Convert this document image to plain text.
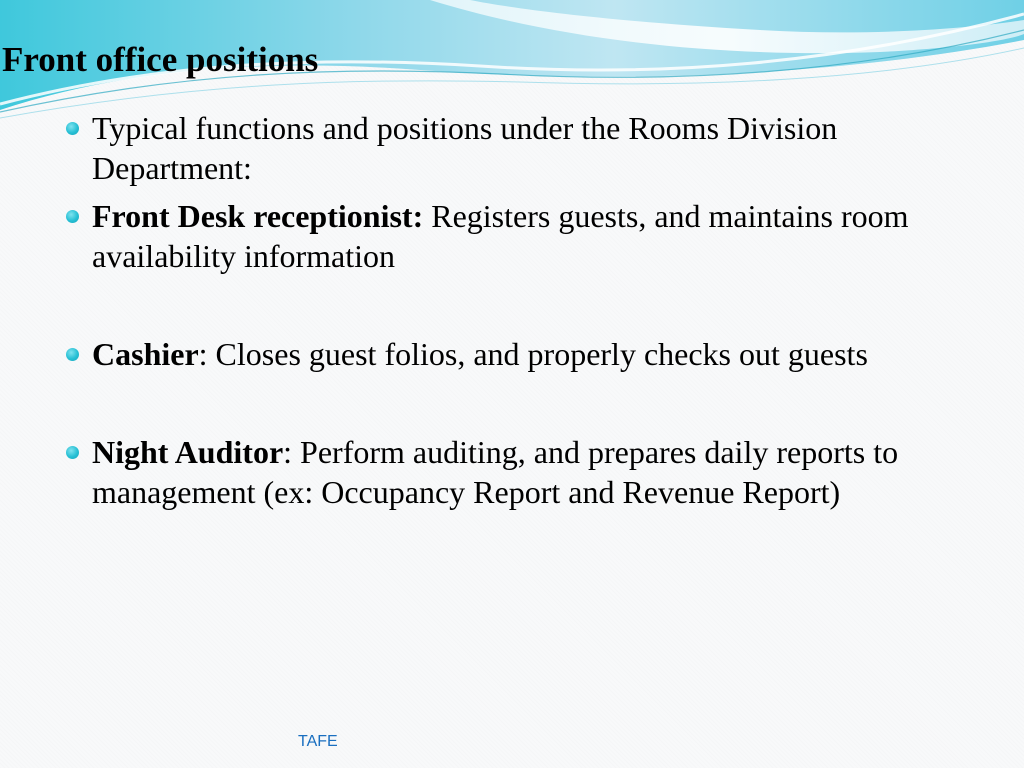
Front office positions
Typical functions and positions under the Rooms Division Department:
Front Desk receptionist: Registers guests, and maintains room availability information
Cashier: Closes guest folios, and properly checks out guests
Night Auditor: Perform auditing, and prepares daily reports to management (ex: Occupancy Report and Revenue Report)
TAFE
